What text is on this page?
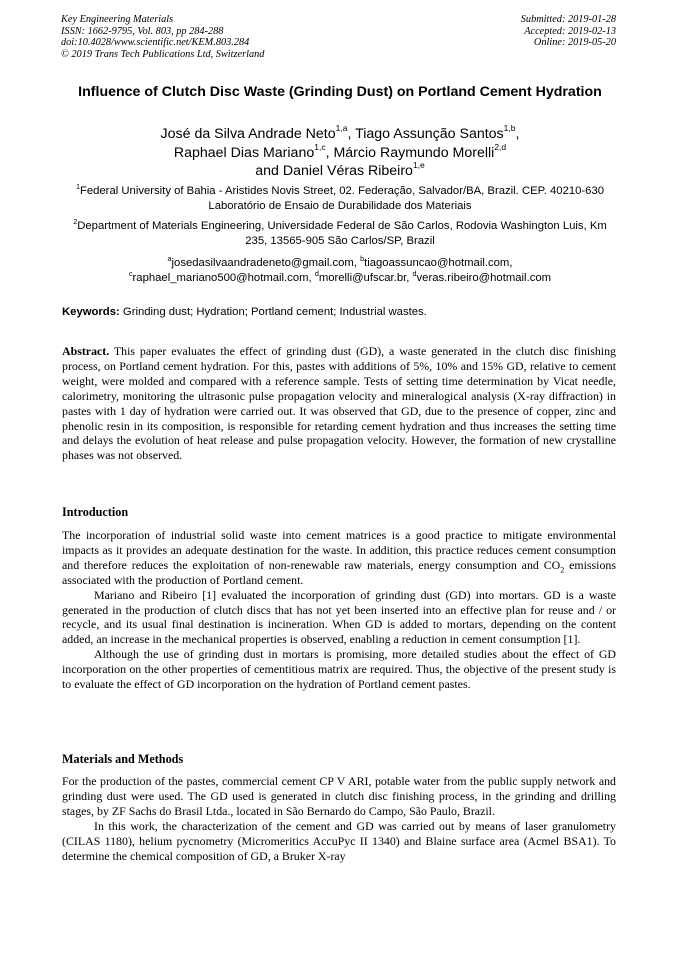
Key Engineering Materials
ISSN: 1662-9795, Vol. 803, pp 284-288
doi:10.4028/www.scientific.net/KEM.803.284
© 2019 Trans Tech Publications Ltd, Switzerland
Submitted: 2019-01-28
Accepted: 2019-02-13
Online: 2019-05-20
Influence of Clutch Disc Waste (Grinding Dust) on Portland Cement Hydration
José da Silva Andrade Neto$^{1,a}$, Tiago Assunção Santos$^{1,b}$,
Raphael Dias Mariano$^{1,c}$, Márcio Raymundo Morelli$^{2,d}$
and Daniel Véras Ribeiro$^{1,e}$
$^1$Federal University of Bahia - Aristides Novis Street, 02. Federação, Salvador/BA, Brazil. CEP. 40210-630 Laboratório de Ensaio de Durabilidade dos Materiais
$^2$Department of Materials Engineering, Universidade Federal de São Carlos, Rodovia Washington Luis, Km 235, 13565-905 São Carlos/SP, Brazil
$^a$josedasilvaandradeneto@gmail.com, $^b$tiagoassuncao@hotmail.com,
$^c$raphael_mariano500@hotmail.com, $^d$morelli@ufscar.br, $^d$veras.ribeiro@hotmail.com
Keywords: Grinding dust; Hydration; Portland cement; Industrial wastes.
Abstract. This paper evaluates the effect of grinding dust (GD), a waste generated in the clutch disc finishing process, on Portland cement hydration. For this, pastes with additions of 5%, 10% and 15% GD, relative to cement weight, were molded and compared with a reference sample. Tests of setting time determination by Vicat needle, calorimetry, monitoring the ultrasonic pulse propagation velocity and mineralogical analysis (X-ray diffraction) in pastes with 1 day of hydration were carried out. It was observed that GD, due to the presence of copper, zinc and phenolic resin in its composition, is responsible for retarding cement hydration and thus increases the setting time and delays the evolution of heat release and pulse propagation velocity. However, the formation of new crystalline phases was not observed.
Introduction

The incorporation of industrial solid waste into cement matrices is a good practice to mitigate environmental impacts as it provides an adequate destination for the waste. In addition, this practice reduces cement consumption and therefore reduces the exploitation of non-renewable raw materials, energy consumption and $CO_2$ emissions associated with the production of Portland cement.

Mariano and Ribeiro [1] evaluated the incorporation of grinding dust (GD) into mortars. GD is a waste generated in the production of clutch discs that has not yet been inserted into an effective plan for reuse and / or recycle, and its usual final destination is incineration. When GD is added to mortars, depending on the content added, an increase in the mechanical properties is observed, enabling a reduction in cement consumption [1].

Although the use of grinding dust in mortars is promising, more detailed studies about the effect of GD incorporation on the other properties of cementitious matrix are required. Thus, the objective of the present study is to evaluate the effect of GD incorporation on the hydration of Portland cement pastes.

Materials and Methods

For the production of the pastes, commercial cement CP V ARI, potable water from the public supply network and grinding dust were used. The GD used is generated in clutch disc finishing process, in the grinding and drilling stages, by ZF Sachs do Brasil Ltda., located in São Bernardo do Campo, São Paulo, Brazil.

In this work, the characterization of the cement and GD was carried out by means of laser granulometry (CILAS 1180), helium pycnometry (Micromeritics AccuPyc II 1340) and Blaine surface area (Acmel BSA1). To determine the chemical composition of GD, a Bruker X-ray
